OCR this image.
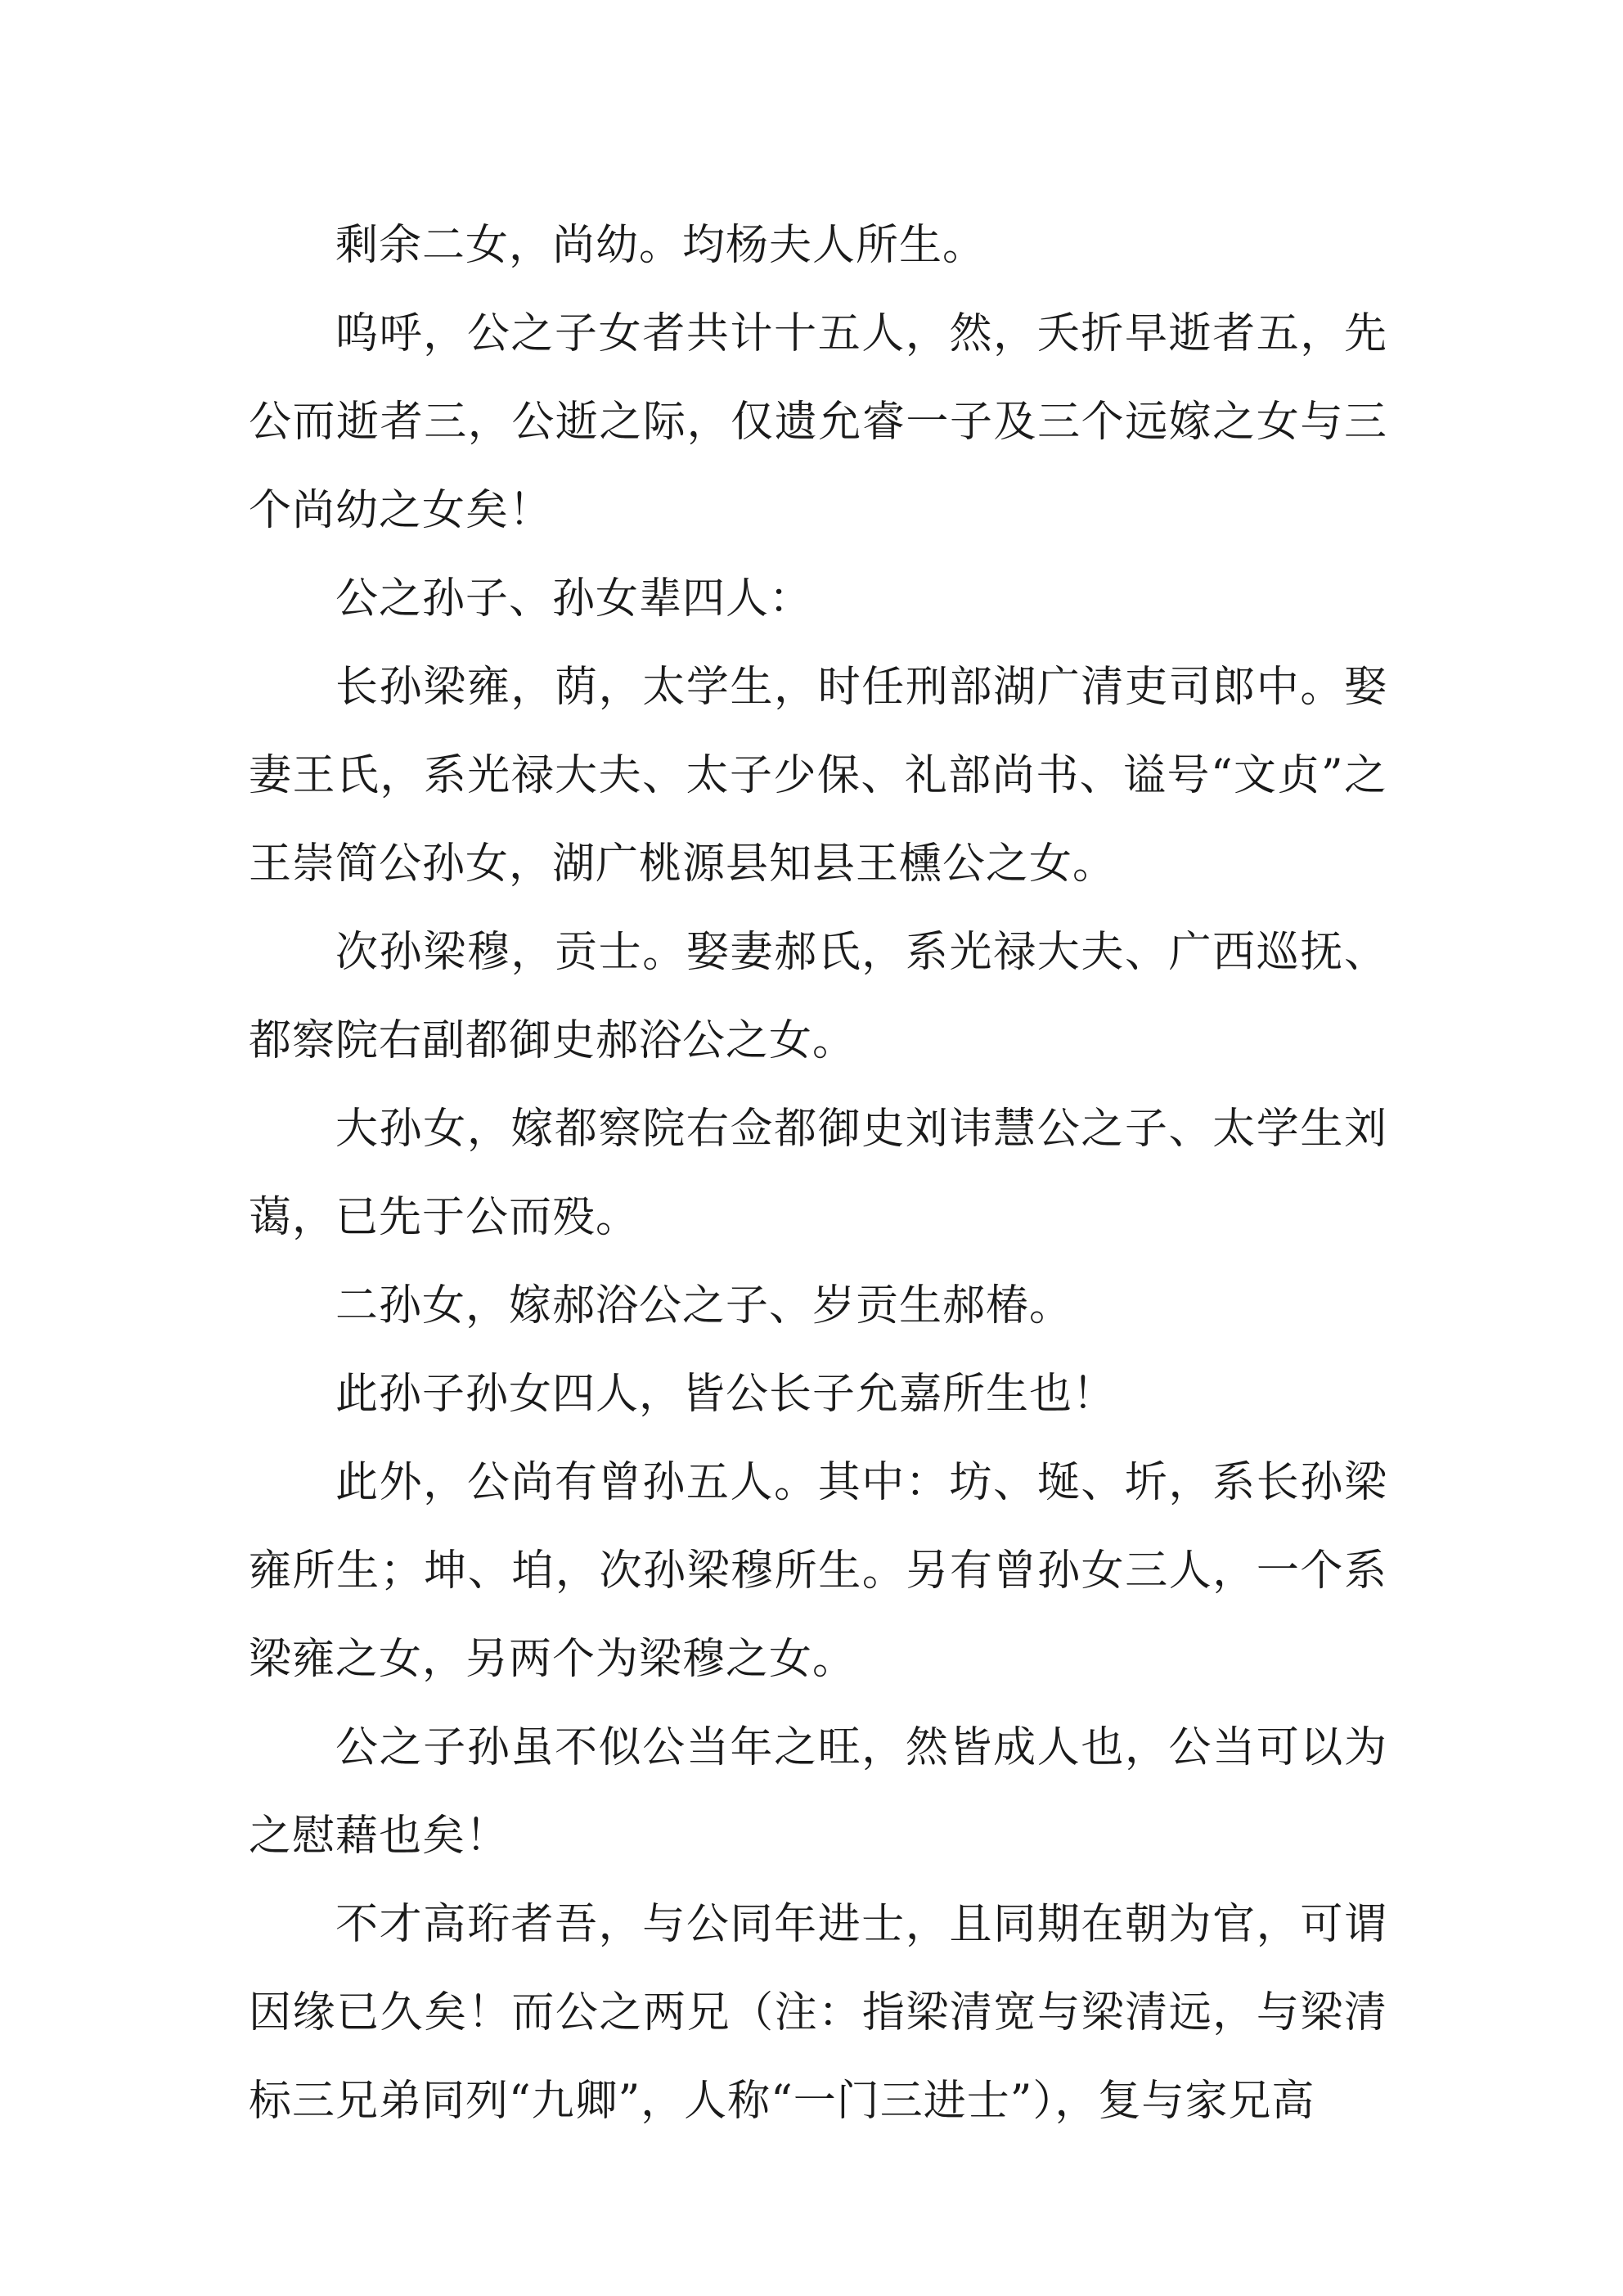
剩余二女，尚幼。均杨夫人所生。

呜呼，公之子女者共计十五人，然，夭折早逝者五，先公而逝者三，公逝之际，仅遗允睿一子及三个远嫁之女与三个尚幼之女矣！

公之孙子、孙女辈四人：

长孙梁雍，荫，太学生，时任刑部湖广清吏司郎中。娶妻王氏，系光禄大夫、太子少保、礼部尚书、谥号“文贞”之王崇简公孙女，湖广桃源县知县王櫄公之女。

次孙梁穆，贡士。娶妻郝氏，系光禄大夫、广西巡抚、都察院右副都御史郝浴公之女。

大孙女，嫁都察院右佥都御史刘讳慧公之子、太学生刘蔼，已先于公而殁。

二孙女，嫁郝浴公之子、岁贡生郝椿。

此孙子孙女四人，皆公长子允嘉所生也！

此外，公尚有曾孙五人。其中：坊、埏、圻，系长孙梁雍所生；坤、垍，次孙梁穆所生。另有曾孙女三人，一个系梁雍之女，另两个为梁穆之女。

公之子孙虽不似公当年之旺，然皆成人也，公当可以为之慰藉也矣！

不才高珩者吾，与公同年进士，且同期在朝为官，可谓因缘已久矣！而公之两兄（注：指梁清宽与梁清远，与梁清标三兄弟同列“九卿”，人称“一门三进士”），复与家兄高
